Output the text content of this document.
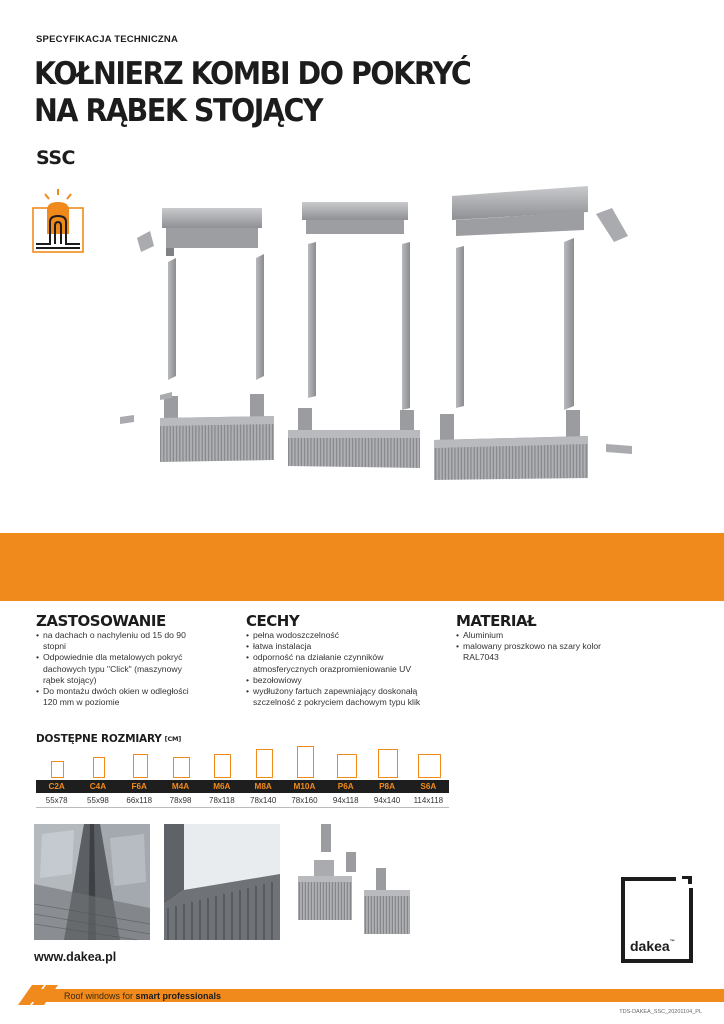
SPECYFIKACJA TECHNICZNA
KOŁNIERZ KOMBI DO POKRYĆ
NA RĄBEK STOJĄCY
SSC
ZASTOSOWANIE
• na dachach o nachyleniu od 15 do 90 stopni
• Odpowiednie dla metalowych pokryć dachowych typu "Click" (maszynowy rąbek stojący)
• Do montażu dwóch okien w odległości 120 mm w poziomie
CECHY
• pełna wodoszczelność
• łatwa instalacja
• odporność na działanie czynników atmosferycznych orazpromieniowanie UV
• bezołowiowy
• wydłużony fartuch zapewniający doskonałą szczelność z pokryciem dachowym typu klik
MATERIAŁ
• Aluminium
• malowany proszkowo na szary kolor RAL7043
DOSTĘPNE ROZMIARY [CM]
C2A	C4A	F6A	M4A	M6A	M8A	M10A	P6A	P8A	S6A
55x78	55x98	66x118	78x98	78x118	78x140	78x160	94x118	94x140	114x118
dakea™
www.dakea.pl
Roof windows for smart professionals
TDS-DAKEA_SSC_20201104_PL
